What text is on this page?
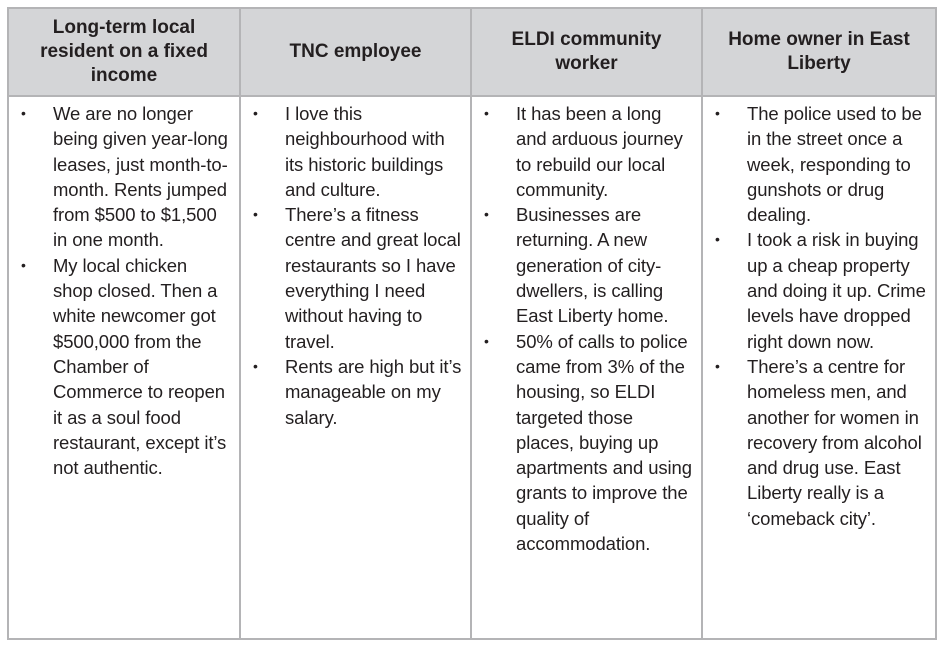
Long-term local resident on a fixed income	TNC employee	ELDI community worker	Home owner in East Liberty

• We are no longer being given year-long leases, just month-to-month. Rents jumped from $500 to $1,500 in one month.
• My local chicken shop closed. Then a white newcomer got $500,000 from the Chamber of Commerce to reopen it as a soul food restaurant, except it’s not authentic.

• I love this neighbourhood with its historic buildings and culture.
• There’s a fitness centre and great local restaurants so I have everything I need without having to travel.
• Rents are high but it’s manageable on my salary.

• It has been a long and arduous journey to rebuild our local community.
• Businesses are returning. A new generation of city-dwellers, is calling East Liberty home.
• 50% of calls to police came from 3% of the housing, so ELDI targeted those places, buying up apartments and using grants to improve the quality of accommodation.

• The police used to be in the street once a week, responding to gunshots or drug dealing.
• I took a risk in buying up a cheap property and doing it up. Crime levels have dropped right down now.
• There’s a centre for homeless men, and another for women in recovery from alcohol and drug use. East Liberty really is a ‘comeback city’.
